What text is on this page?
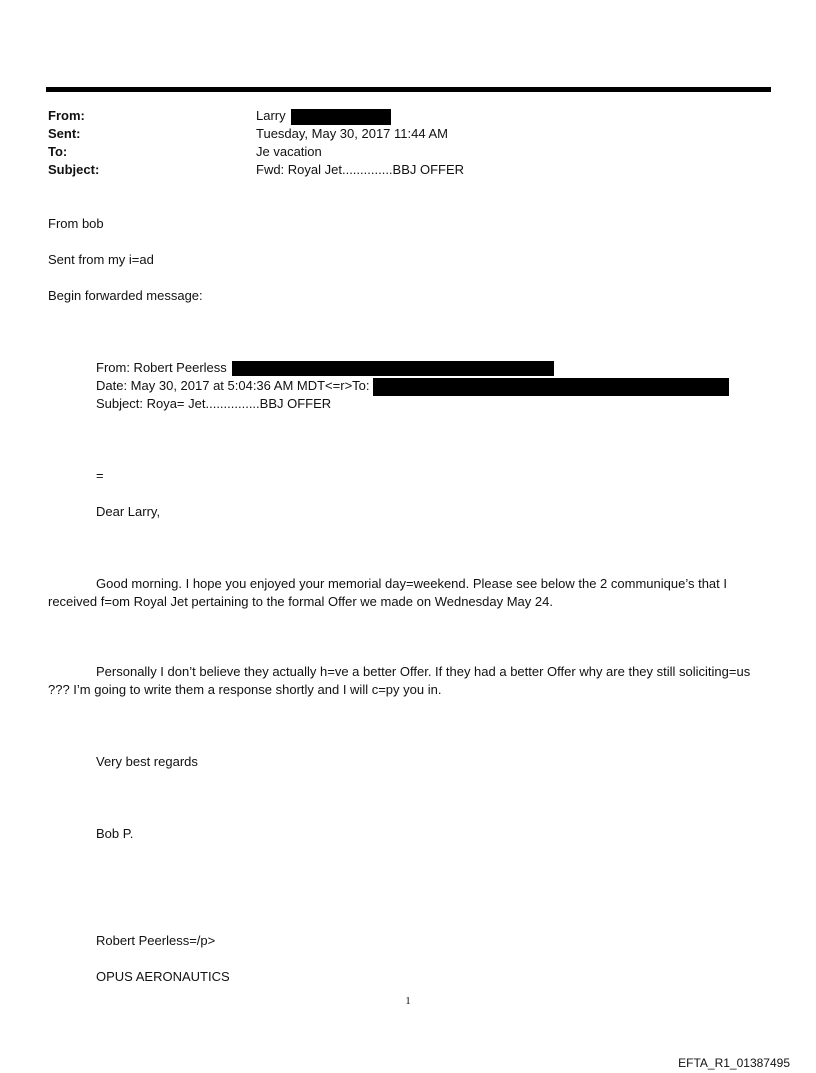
From:	Larry
Sent:	Tuesday, May 30, 2017 11:44 AM
To:	Je vacation
Subject:	Fwd: Royal Jet..............BBJ OFFER
From bob
Sent from my i=ad
Begin forwarded message:
From: Robert Peerless
Date: May 30, 2017 at 5:04:36 AM MDT<=r>To:
Subject: Roya= Jet...............BBJ OFFER
=
Dear Larry,
Good morning. I hope you enjoyed your memorial day=weekend. Please see below the 2 communique’s that I received f=om Royal Jet pertaining to the formal Offer we made on Wednesday May 24.
Personally I don’t believe they actually h=ve a better Offer. If they had a better Offer why are they still soliciting=us ??? I’m going to write them a response shortly and I will c=py you in.
Very best regards
Bob P.
Robert Peerless=/p>
OPUS AERONAUTICS
1
EFTA_R1_01387495
